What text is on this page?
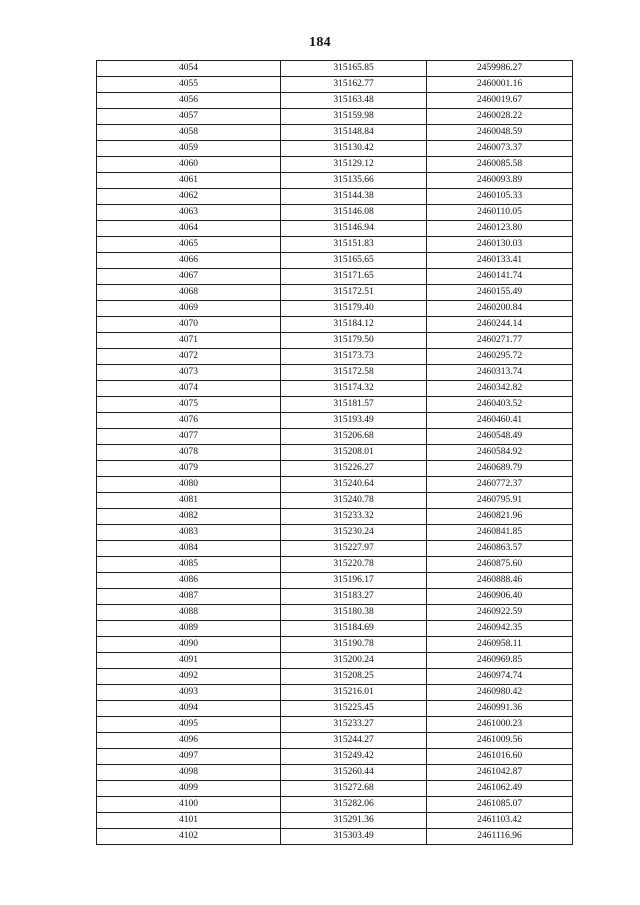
184
4054	315165.85	2459986.27
4055	315162.77	2460001.16
4056	315163.48	2460019.67
4057	315159.98	2460028.22
4058	315148.84	2460048.59
4059	315130.42	2460073.37
4060	315129.12	2460085.58
4061	315135.66	2460093.89
4062	315144.38	2460105.33
4063	315146.08	2460110.05
4064	315146.94	2460123.80
4065	315151.83	2460130.03
4066	315165.65	2460133.41
4067	315171.65	2460141.74
4068	315172.51	2460155.49
4069	315179.40	2460200.84
4070	315184.12	2460244.14
4071	315179.50	2460271.77
4072	315173.73	2460295.72
4073	315172.58	2460313.74
4074	315174.32	2460342.82
4075	315181.57	2460403.52
4076	315193.49	2460460.41
4077	315206.68	2460548.49
4078	315208.01	2460584.92
4079	315226.27	2460689.79
4080	315240.64	2460772.37
4081	315240.78	2460795.91
4082	315233.32	2460821.96
4083	315230.24	2460841.85
4084	315227.97	2460863.57
4085	315220.78	2460875.60
4086	315196.17	2460888.46
4087	315183.27	2460906.40
4088	315180.38	2460922.59
4089	315184.69	2460942.35
4090	315190.78	2460958.11
4091	315200.24	2460969.85
4092	315208.25	2460974.74
4093	315216.01	2460980.42
4094	315225.45	2460991.36
4095	315233.27	2461000.23
4096	315244.27	2461009.56
4097	315249.42	2461016.60
4098	315260.44	2461042.87
4099	315272.68	2461062.49
4100	315282.06	2461085.07
4101	315291.36	2461103.42
4102	315303.49	2461116.96
